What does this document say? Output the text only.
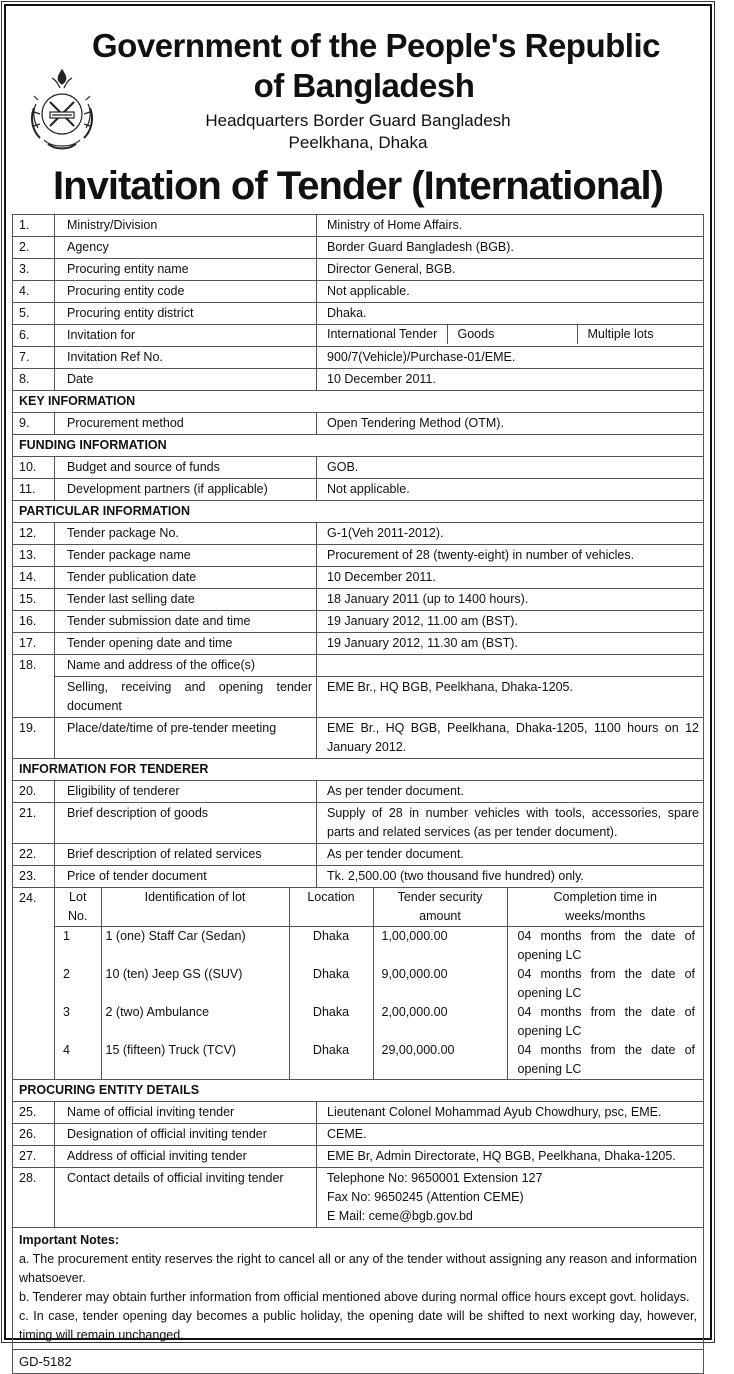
Government of the People's Republic
of Bangladesh
Headquarters Border Guard Bangladesh
Peelkhana, Dhaka
Invitation of Tender (International)
1.	Ministry/Division	Ministry of Home Affairs.
2.	Agency	Border Guard Bangladesh (BGB).
3.	Procuring entity name	Director General, BGB.
4.	Procuring entity code	Not applicable.
5.	Procuring entity district	Dhaka.
6.	Invitation for		International Tender	Goods	Multiple lots

7.	Invitation Ref No.	900/7(Vehicle)/Purchase-01/EME.
8.	Date	10 December 2011.
KEY INFORMATION
9.	Procurement method	Open Tendering Method (OTM).
FUNDING INFORMATION
10.	Budget and source of funds	GOB.
11.	Development partners (if applicable)	Not applicable.
PARTICULAR INFORMATION
12.	Tender package No.	G-1(Veh 2011-2012).
13.	Tender package name	Procurement of 28 (twenty-eight) in number of vehicles.
14.	Tender publication date	10 December 2011.
15.	Tender last selling date	18 January 2011 (up to 1400 hours).
16.	Tender submission date and time	19 January 2012, 11.00 am (BST).
17.	Tender opening date and time	19 January 2012, 11.30 am (BST).
18.	Name and address of the office(s)	
Selling, receiving and opening tender document	EME Br., HQ BGB, Peelkhana, Dhaka-1205.
19.	Place/date/time of pre-tender meeting	EME Br., HQ BGB, Peelkhana, Dhaka-1205, 1100 hours on 12 January 2012.
INFORMATION FOR TENDERER
20.	Eligibility of tenderer	As per tender document.
21.	Brief description of goods	Supply of 28 in number vehicles with tools, accessories, spare parts and related services (as per tender document).
22.	Brief description of related services	As per tender document.
23.	Price of tender document	Tk. 2,500.00 (two thousand five hundred) only.
24.		Lot No.	Identification of lot	Location	Tender security amount	Completion time in weeks/months
1	1 (one) Staff Car (Sedan)	Dhaka	1,00,000.00	04 months from the date of opening LC
2	10 (ten) Jeep GS ((SUV)	Dhaka	9,00,000.00	04 months from the date of opening LC
3	2 (two) Ambulance	Dhaka	2,00,000.00	04 months from the date of opening LC
4	15 (fifteen) Truck (TCV)	Dhaka	29,00,000.00	04 months from the date of opening LC

PROCURING ENTITY DETAILS
25.	Name of official inviting tender	Lieutenant Colonel Mohammad Ayub Chowdhury, psc, EME.
26.	Designation of official inviting tender	CEME.
27.	Address of official inviting tender	EME Br, Admin Directorate, HQ BGB, Peelkhana, Dhaka-1205.
28.	Contact details of official inviting tender	Telephone No: 9650001 Extension 127
Fax No: 9650245 (Attention CEME)
E Mail: ceme@bgb.gov.bd

Important Notes:

a. The procurement entity reserves the right to cancel all or any of the tender without assigning any reason and information whatsoever.

b. Tenderer may obtain further information from official mentioned above during normal office hours except govt. holidays.

c. In case, tender opening day becomes a public holiday, the opening date will be shifted to next working day, however, timing will remain unchanged.

GD-5182
